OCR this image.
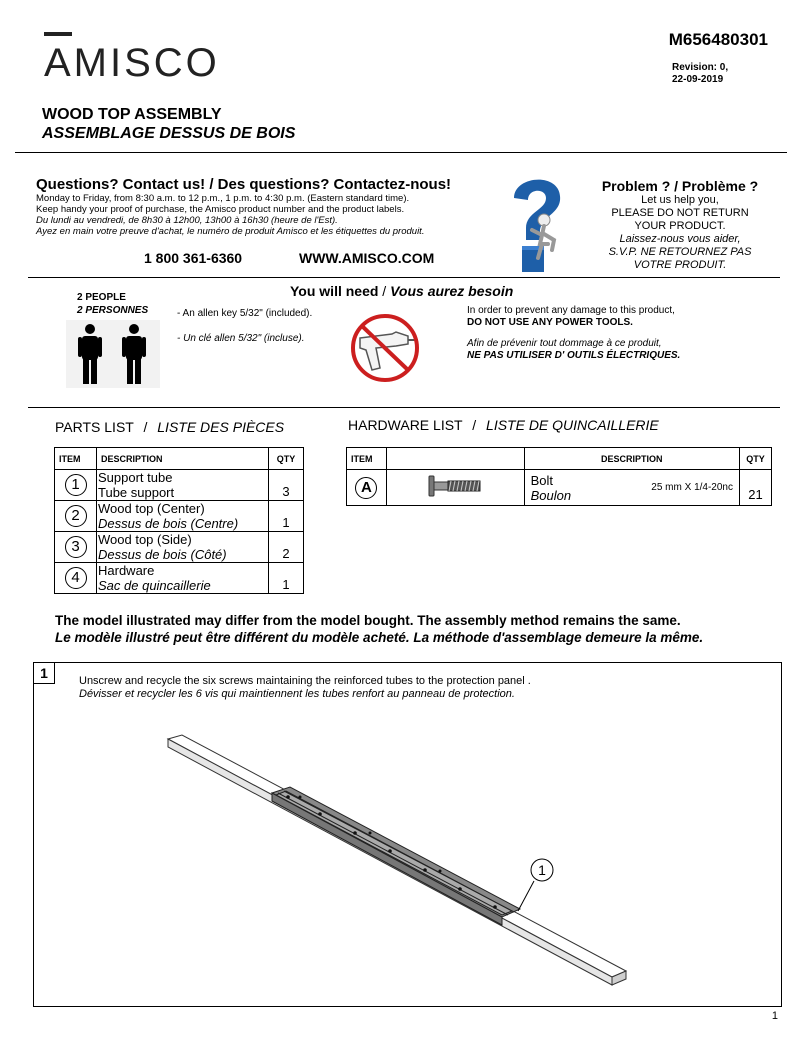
AMISCO
M656480301
Revision: 0,
22-09-2019
WOOD TOP ASSEMBLY
ASSEMBLAGE DESSUS DE BOIS
Questions? Contact us! / Des questions? Contactez-nous!
Monday to Friday, from 8:30 a.m. to 12 p.m., 1 p.m. to 4:30 p.m. (Eastern standard time).
Keep handy your proof of purchase, the Amisco product number and the product labels.
Du lundi au vendredi, de 8h30 à 12h00, 13h00 à 16h30 (heure de l'Est).
Ayez en main votre preuve d'achat, le numéro de produit Amisco et les étiquettes du produit.
1 800 361-6360	WWW.AMISCO.COM
Problem ? / Problème ?
Let us help you,
PLEASE DO NOT RETURN
YOUR PRODUCT.
Laissez-nous vous aider,
S.V.P. NE RETOURNEZ PAS
VOTRE PRODUIT.
You will need / Vous aurez besoin
2 PEOPLE
2 PERSONNES	- An allen key 5/32" (included).
- Un clé allen 5/32" (incluse).
In order to prevent any damage to this product,
DO NOT USE ANY POWER TOOLS.
Afin de prévenir tout dommage à ce produit,
NE PAS UTILISER D' OUTILS ÉLECTRIQUES.
PARTS LIST / LISTE DES PIÈCES
ITEM	DESCRIPTION	QTY
1	Support tube
Tube support	3
2	Wood top (Center)
Dessus de bois (Centre)	1
3	Wood top (Side)
Dessus de bois (Côté)	2
4	Hardware
Sac de quincaillerie	1
HARDWARE LIST / LISTE DE QUINCAILLERIE
ITEM		DESCRIPTION	QTY
A		Bolt
Boulon 25 mm X 1/4-20nc	21
The model illustrated may differ from the model bought. The assembly method remains the same.
Le modèle illustré peut être différent du modèle acheté. La méthode d'assemblage demeure la même.
1	Unscrew and recycle the six screws maintaining the reinforced tubes to the protection panel .
Dévisser et recycler les 6 vis qui maintiennent les tubes renfort au panneau de protection.
1
1
